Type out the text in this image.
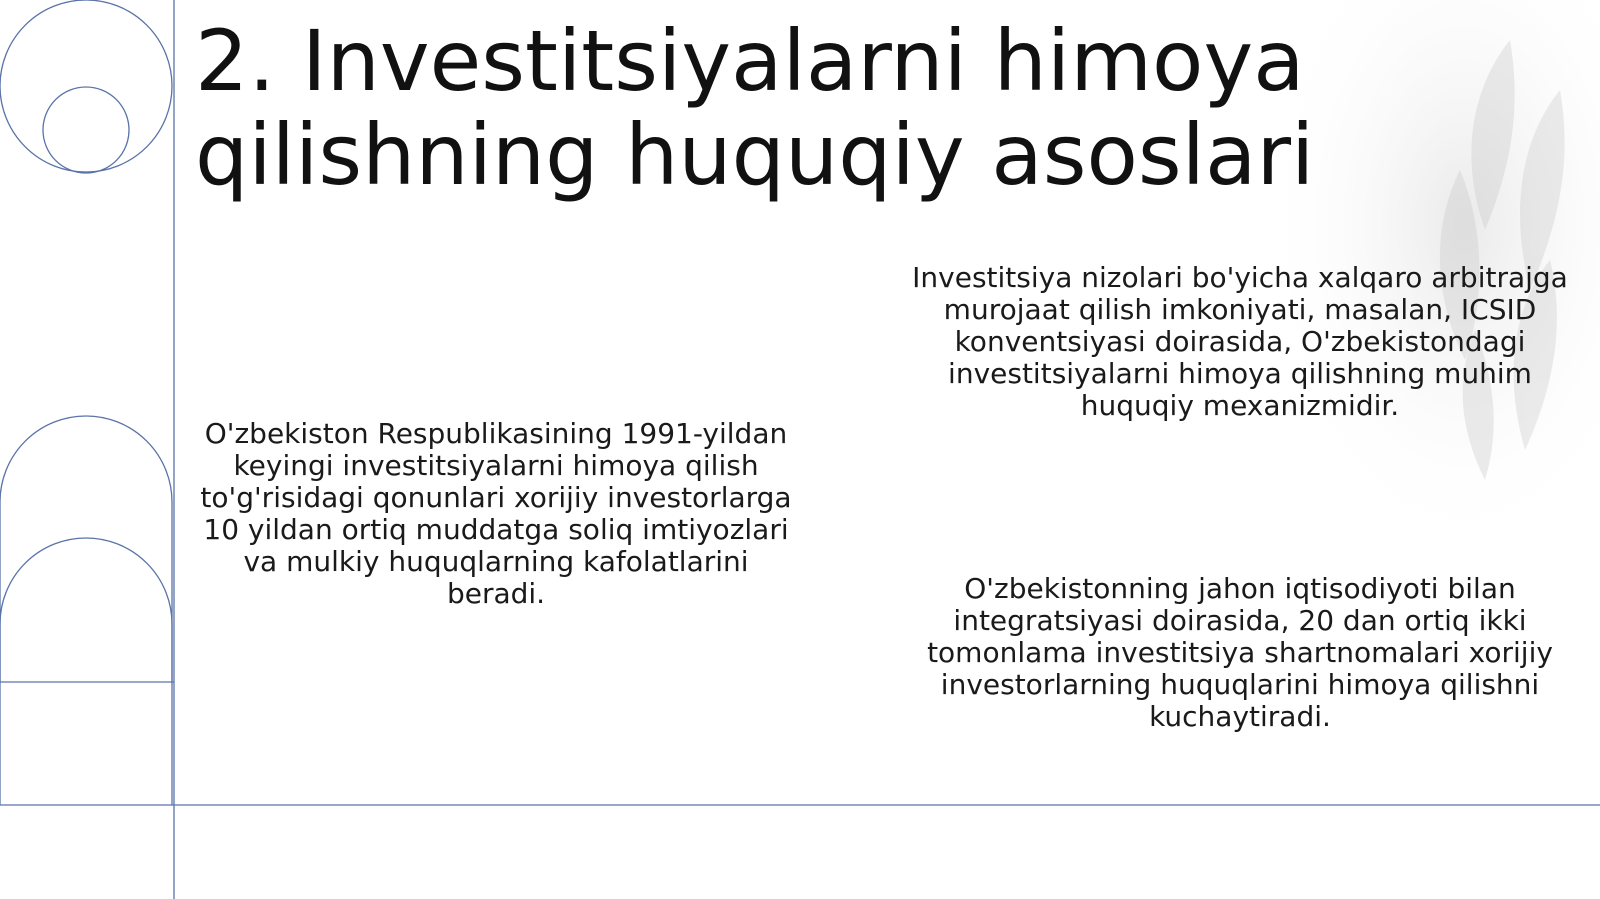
2. Investitsiyalarni himoya
qilishning huquqiy asoslari

O'zbekiston Respublikasining 1991-yildan
keyingi investitsiyalarni himoya qilish
to'g'risidagi qonunlari xorijiy investorlarga
10 yildan ortiq muddatga soliq imtiyozlari
va mulkiy huquqlarning kafolatlarini
beradi.

Investitsiya nizolari bo'yicha xalqaro arbitrajga
murojaat qilish imkoniyati, masalan, ICSID
konventsiyasi doirasida, O'zbekistondagi
investitsiyalarni himoya qilishning muhim
huquqiy mexanizmidir.

O'zbekistonning jahon iqtisodiyoti bilan
integratsiyasi doirasida, 20 dan ortiq ikki
tomonlama investitsiya shartnomalari xorijiy
investorlarning huquqlarini himoya qilishni
kuchaytiradi.
